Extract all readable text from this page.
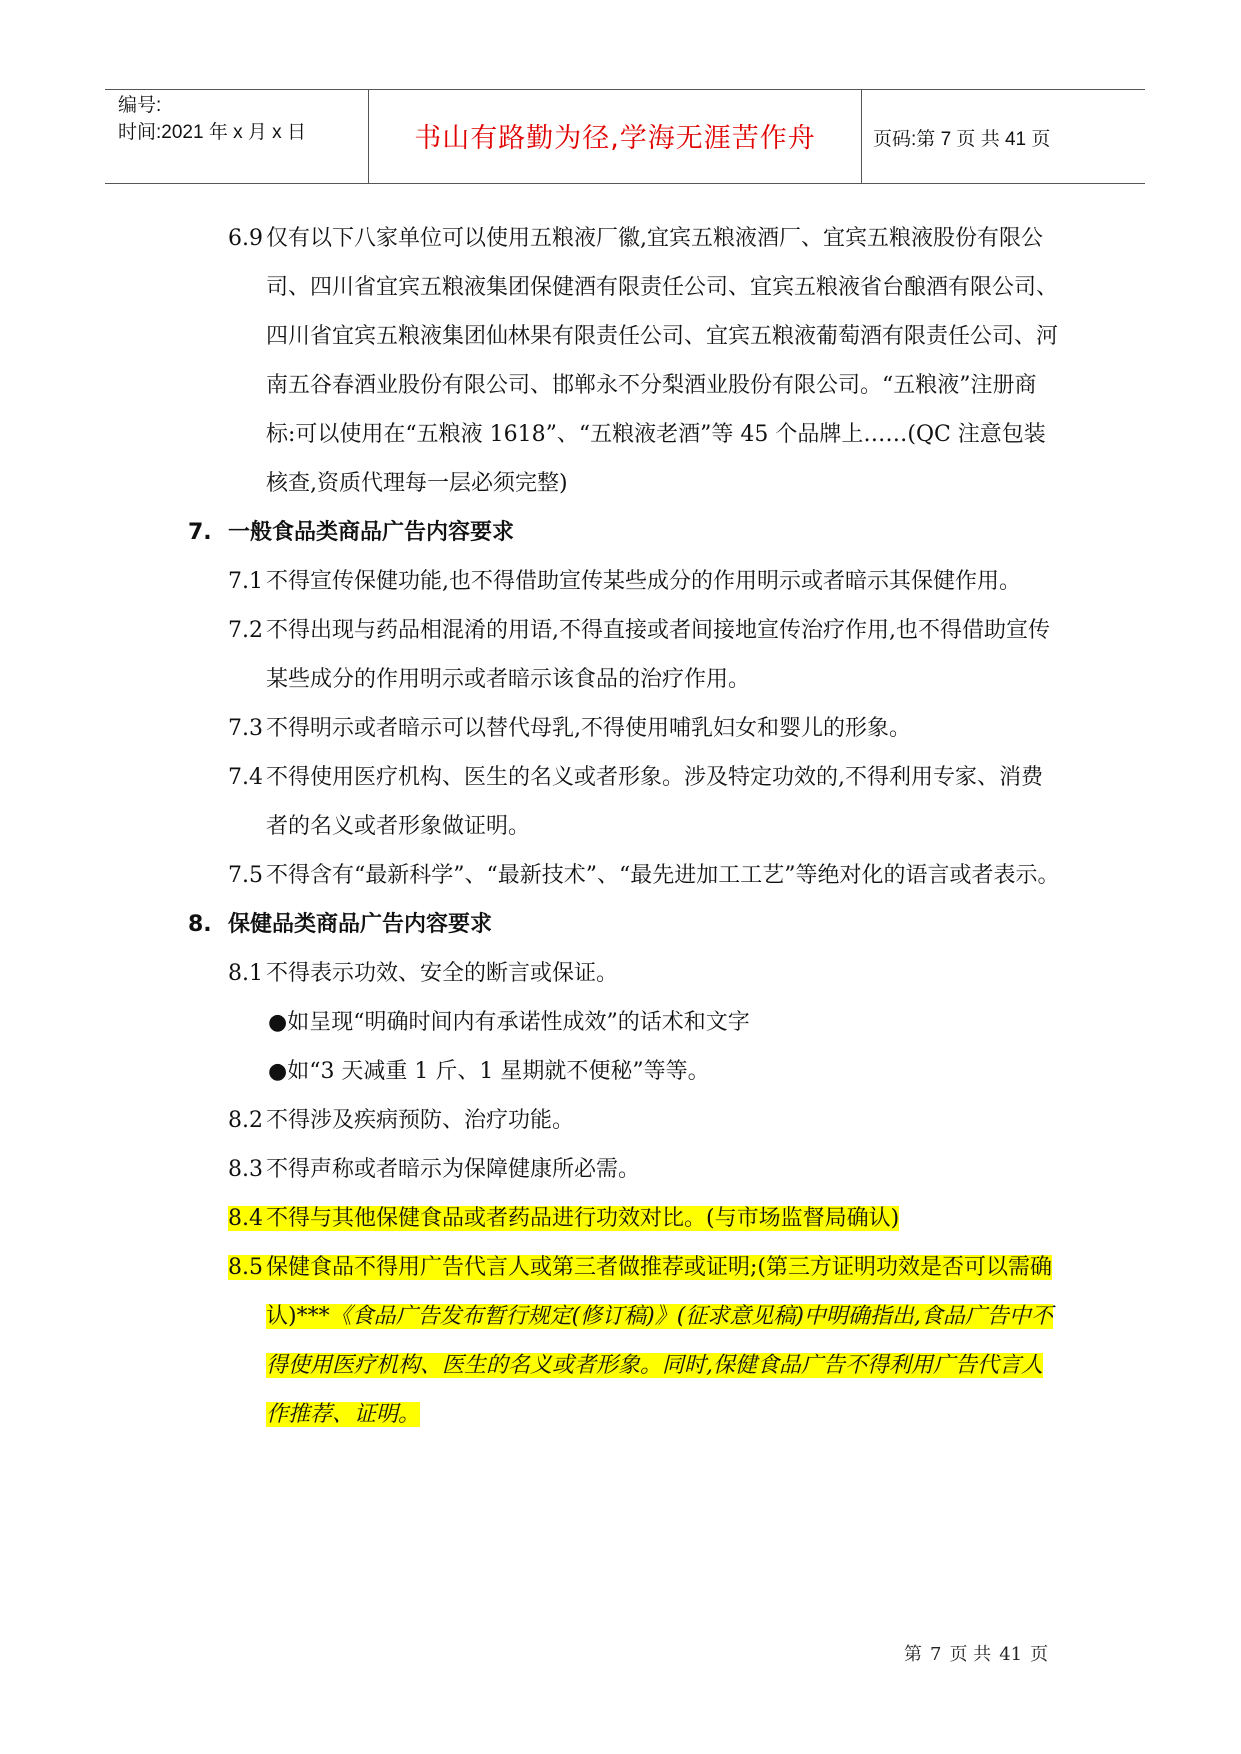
编号:
时间:2021 年 x 月 x 日	书山有路勤为径,学海无涯苦作舟	页码:第 7 页 共 41 页
6.9 仅有以下八家单位可以使用五粮液厂徽,宜宾五粮液酒厂、宜宾五粮液股份有限公司、四川省宜宾五粮液集团保健酒有限责任公司、宜宾五粮液省台酿酒有限公司、四川省宜宾五粮液集团仙林果有限责任公司、宜宾五粮液葡萄酒有限责任公司、河南五谷春酒业股份有限公司、邯郸永不分梨酒业股份有限公司。“五粮液”注册商标:可以使用在“五粮液 1618”、“五粮液老酒”等 45 个品牌上……(QC 注意包装核查,资质代理每一层必须完整)
7. 一般食品类商品广告内容要求
7.1 不得宣传保健功能,也不得借助宣传某些成分的作用明示或者暗示其保健作用。
7.2 不得出现与药品相混淆的用语,不得直接或者间接地宣传治疗作用,也不得借助宣传某些成分的作用明示或者暗示该食品的治疗作用。
7.3 不得明示或者暗示可以替代母乳,不得使用哺乳妇女和婴儿的形象。
7.4 不得使用医疗机构、医生的名义或者形象。涉及特定功效的,不得利用专家、消费者的名义或者形象做证明。
7.5 不得含有“最新科学”、“最新技术”、“最先进加工工艺”等绝对化的语言或者表示。
8. 保健品类商品广告内容要求
8.1 不得表示功效、安全的断言或保证。
●如呈现“明确时间内有承诺性成效”的话术和文字
●如“3 天减重 1 斤、1 星期就不便秘”等等。
8.2 不得涉及疾病预防、治疗功能。
8.3 不得声称或者暗示为保障健康所必需。
8.4 不得与其他保健食品或者药品进行功效对比。(与市场监督局确认)
8.5 保健食品不得用广告代言人或第三者做推荐或证明;(第三方证明功效是否可以需确认)***《食品广告发布暂行规定(修订稿)》(征求意见稿)中明确指出,食品广告中不得使用医疗机构、医生的名义或者形象。同时,保健食品广告不得利用广告代言人作推荐、证明。
第 7 页 共 41 页
